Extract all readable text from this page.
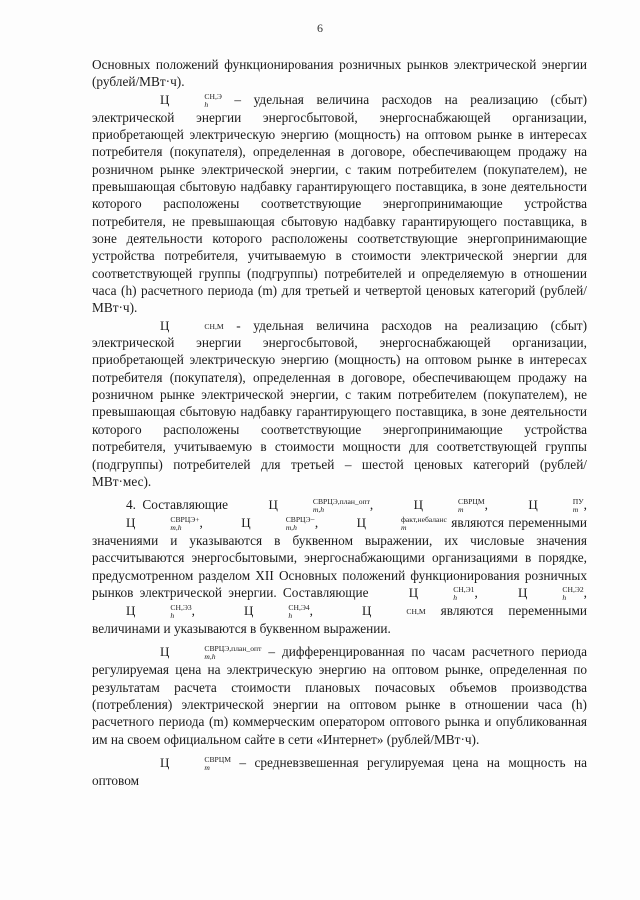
6

Основных положений функционирования розничных рынков электрической энергии (рублей/МВт·ч).

Ц	СН,Э
h	– удельная величина расходов на реализацию (сбыт) электрической энергии энергосбытовой, энергоснабжающей организации, приобретающей электрическую энергию (мощность) на оптовом рынке в интересах потребителя (покупателя), определенная в договоре, обеспечивающем продажу на розничном рынке электрической энергии, с таким потребителем (покупателем), не превышающая сбытовую надбавку гарантирующего поставщика, в зоне деятельности которого расположены соответствующие энергопринимающие устройства потребителя, не превышающая сбытовую надбавку гарантирующего поставщика, в зоне деятельности которого расположены соответствующие энергопринимающие устройства потребителя, учитываемую в стоимости электрической энергии для соответствующей группы (подгруппы) потребителей и определяемую в отношении часа (h) расчетного периода (m) для третьей и четвертой ценовых категорий (рублей/МВт·ч).

Ц	СН,М - удельная величина расходов на реализацию (сбыт) электрической энергии энергосбытовой, энергоснабжающей организации, приобретающей электрическую энергию (мощность) на оптовом рынке в интересах потребителя (покупателя), определенная в договоре, обеспечивающем продажу на розничном рынке электрической энергии, с таким потребителем (покупателем), не превышающая сбытовую надбавку гарантирующего поставщика, в зоне деятельности которого расположены соответствующие энергопринимающие устройства потребителя, учитываемую в стоимости мощности для соответствующей группы (подгруппы) потребителей для третьей – шестой ценовых категорий (рублей/МВт·мес).

4. Составляющие	Ц	СВРЦЭ,план_опт
m,h	,	Ц	СВРЦМ
m	,	Ц	ПУ
m , Ц	СВРЦЭ+
m,h	,	Ц	СВРЦЭ−
m,h	,	Ц	факт,небаланс
m	являются переменными значениями и указываются в буквенном выражении, их числовые значения рассчитываются энергосбытовыми, энергоснабжающими организациями в порядке, предусмотренном разделом XII Основных положений функционирования розничных рынков электрической энергии. Составляющие	Ц	СН,Э1
h	,	Ц	СН,Э2
h	, Ц	СН,Э3
h	,	Ц	СН,Э4
h	,	Ц	СН,М являются переменными величинами и указываются в буквенном выражении.

Ц	СВРЦЭ,план_опт
m,h	– дифференцированная по часам расчетного периода регулируемая цена на электрическую энергию на оптовом рынке, определенная по результатам расчета стоимости плановых почасовых объемов производства (потребления) электрической энергии на оптовом рынке в отношении часа (h) расчетного периода (m) коммерческим оператором оптового рынка и опубликованная им на своем официальном сайте в сети «Интернет» (рублей/МВт·ч).

Ц	СВРЦМ
m	– средневзвешенная регулируемая цена на мощность на оптовом
